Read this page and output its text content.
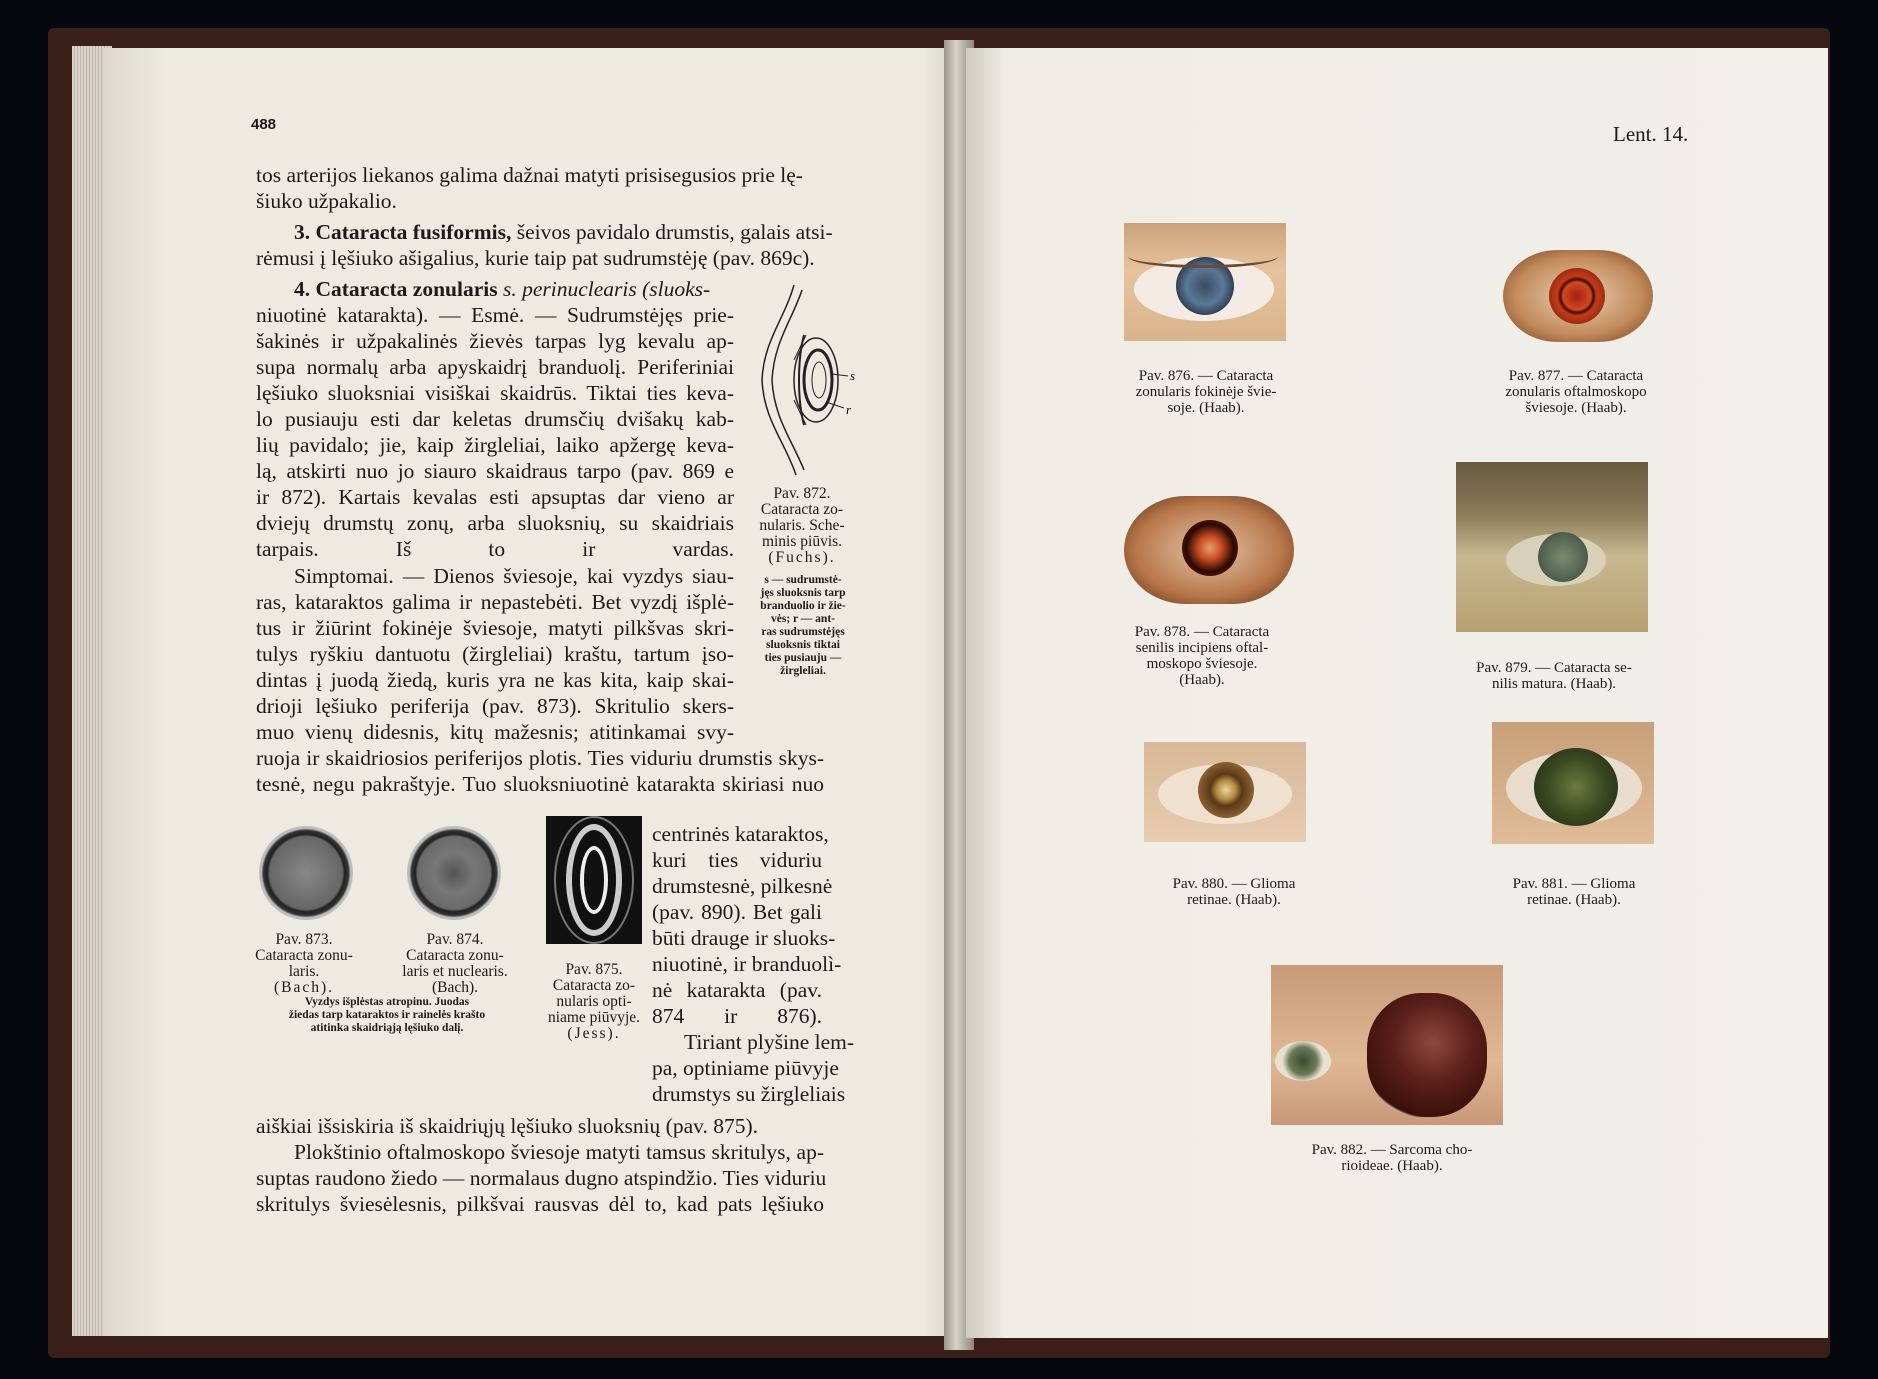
488
tos arterijos liekanos galima dažnai matyti prisisegusios prie lę-
šiuko užpakalio.
3. Cataracta fusiformis, šeivos pavidalo drumstis, galais atsi-
rėmusi į lęšiuko ašigalius, kurie taip pat sudrumstėję (pav. 869c).
4. Cataracta zonularis s. perinuclearis (sluoks-
niuotinė katarakta). — Esmė. — Sudrumstėjęs prie-
šakinės ir užpakalinės žievės tarpas lyg kevalu ap-
supa normalų arba apyskaidrį branduolį. Periferiniai
lęšiuko sluoksniai visiškai skaidrūs. Tiktai ties keva-
lo pusiauju esti dar keletas drumsčių dvišakų kab-
lių pavidalo; jie, kaip žirgleliai, laiko apžergę keva-
lą, atskirti nuo jo siauro skaidraus tarpo (pav. 869 e
ir 872). Kartais kevalas esti apsuptas dar vieno ar
dviejų drumstų zonų, arba sluoksnių, su skaidriais
tarpais. Iš to ir vardas.
s
r
Pav. 872.
Cataracta zo-
nularis. Sche-
minis piūvis.
(Fuchs).
s — sudrumstė-
jęs sluoksnis tarp
branduolio ir žie-
vės; r — ant-
ras sudrumstėjęs
sluoksnis tiktai
ties pusiauju —
žirgleliai.
Simptomai. — Dienos šviesoje, kai vyzdys siau-
ras, kataraktos galima ir nepastebėti. Bet vyzdį išplė-
tus ir žiūrint fokinėje šviesoje, matyti pilkšvas skri-
tulys ryškiu dantuotu (žirgleliai) kraštu, tartum įso-
dintas į juodą žiedą, kuris yra ne kas kita, kaip skai-
drioji lęšiuko periferija (pav. 873). Skritulio skers-
muo vienų didesnis, kitų mažesnis; atitinkamai svy-
ruoja ir skaidriosios periferijos plotis. Ties viduriu drumstis skys-
tesnė, negu pakraštyje. Tuo sluoksniuotinė katarakta skiriasi nuo
Pav. 873.
Cataracta zonu-
laris.
(Bach).
Pav. 874.
Cataracta zonu-
laris et nuclearis.
(Bach).
Vyzdys išplėstas atropinu. Juodas
žiedas tarp kataraktos ir rainelės krašto
atitinka skaidriąją lęšiuko dalį.
Pav. 875.
Cataracta zo-
nularis opti-
niame piūvyje.
(Jess).
centrinės kataraktos,
kuri ties viduriu
drumstesnė, pilkesnė
(pav. 890). Bet gali
būti drauge ir sluoks-
niuotinė, ir branduolì-
nė katarakta (pav.
874 ir 876).
Tiriant plyšine lem-
pa, optiniame piūvyje
drumstys su žirgleliais
aiškiai išsiskiria iš skaidriųjų lęšiuko sluoksnių (pav. 875).
Plokštinio oftalmoskopo šviesoje matyti tamsus skritulys, ap-
suptas raudono žiedo — normalaus dugno atspindžio. Ties viduriu
skritulys šviesėlesnis, pilkšvai rausvas dėl to, kad pats lęšiuko
Lent. 14.
Pav. 876. — Cataracta
zonularis fokinėje švie-
soje. (Haab).
Pav. 877. — Cataracta
zonularis oftalmoskopo
šviesoje. (Haab).
Pav. 878. — Cataracta
senilis incipiens oftal-
moskopo šviesoje.
(Haab).
Pav. 879. — Cataracta se-
nilis matura. (Haab).
Pav. 880. — Glioma
retinae. (Haab).
Pav. 881. — Glioma
retinae. (Haab).
Pav. 882. — Sarcoma cho-
rioideae. (Haab).
